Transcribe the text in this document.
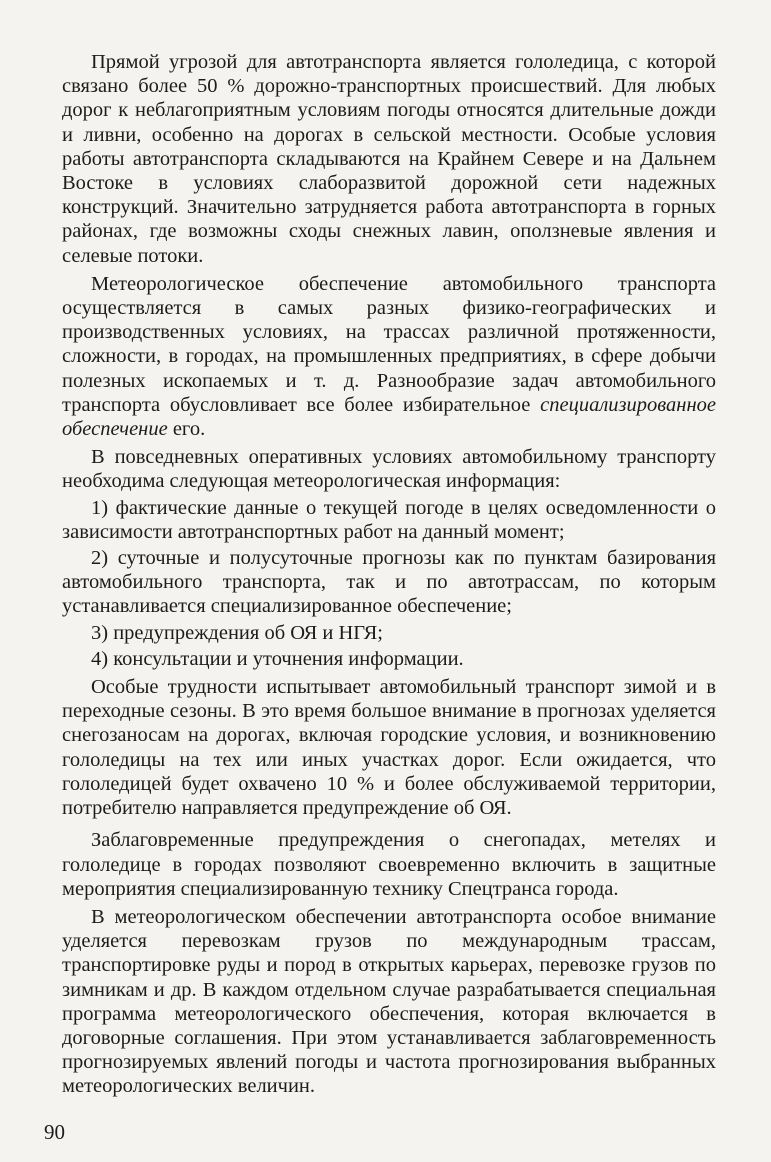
Прямой угрозой для автотранспорта является гололедица, с которой связано более 50 % дорожно-транспортных происшествий. Для любых дорог к неблагоприятным условиям погоды относятся длительные дожди и ливни, особенно на дорогах в сельской местности. Особые условия работы автотранспорта складываются на Крайнем Севере и на Дальнем Востоке в условиях слаборазвитой дорожной сети надежных конструкций. Значительно затрудняется работа автотранспорта в горных районах, где возможны сходы снежных лавин, оползневые явления и селевые потоки.

Метеорологическое обеспечение автомобильного транспорта осуществляется в самых разных физико-географических и производственных условиях, на трассах различной протяженности, сложности, в городах, на промышленных предприятиях, в сфере добычи полезных ископаемых и т. д. Разнообразие задач автомобильного транспорта обусловливает все более избирательное специализированное обеспечение его.

В повседневных оперативных условиях автомобильному транспорту необходима следующая метеорологическая информация:

1) фактические данные о текущей погоде в целях осведомленности о зависимости автотранспортных работ на данный момент;

2) суточные и полусуточные прогнозы как по пунктам базирования автомобильного транспорта, так и по автотрассам, по которым устанавливается специализированное обеспечение;

3) предупреждения об ОЯ и НГЯ;

4) консультации и уточнения информации.

Особые трудности испытывает автомобильный транспорт зимой и в переходные сезоны. В это время большое внимание в прогнозах уделяется снегозаносам на дорогах, включая городские условия, и возникновению гололедицы на тех или иных участках дорог. Если ожидается, что гололедицей будет охвачено 10 % и более обслуживаемой территории, потребителю направляется предупреждение об ОЯ.

Заблаговременные предупреждения о снегопадах, метелях и гололедице в городах позволяют своевременно включить в защитные мероприятия специализированную технику Спецтранса города.

В метеорологическом обеспечении автотранспорта особое внимание уделяется перевозкам грузов по международным трассам, транспортировке руды и пород в открытых карьерах, перевозке грузов по зимникам и др. В каждом отдельном случае разрабатывается специальная программа метеорологического обеспечения, которая включается в договорные соглашения. При этом устанавливается заблаговременность прогнозируемых явлений погоды и частота прогнозирования выбранных метеорологических величин.

90
